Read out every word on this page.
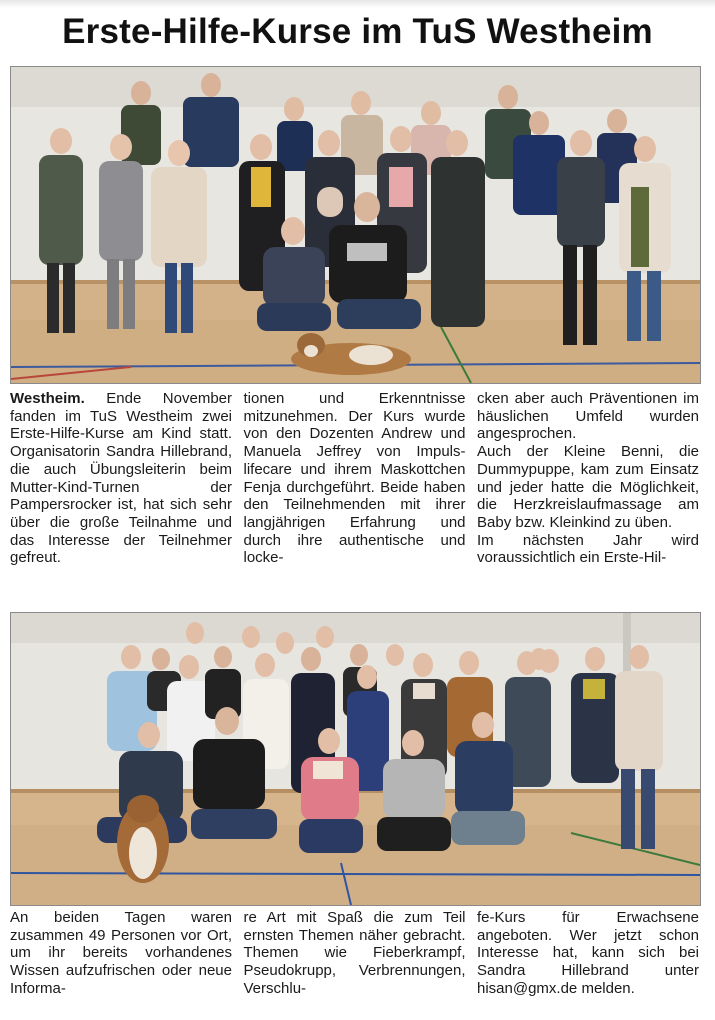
Erste-Hilfe-Kurse im TuS Westheim

Westheim. Ende November fanden im TuS Westheim zwei Erste-Hilfe-Kurse am Kind statt. Organisatorin Sandra Hillebrand, die auch Übungsleiterin beim Mutter-Kind-Turnen der Pampersrocker ist, hat sich sehr über die große Teilnahme und das Interesse der Teilnehmer gefreut.

tionen und Erkenntnisse mitzunehmen. Der Kurs wurde von den Dozenten Andrew und Manuela Jeffrey von Impuls-lifecare und ihrem Maskottchen Fenja durchgeführt. Beide haben den Teilnehmenden mit ihrer langjährigen Erfahrung und durch ihre authentische und locke-

cken aber auch Präventionen im häuslichen Umfeld wurden angesprochen.

Auch der Kleine Benni, die Dummypuppe, kam zum Einsatz und jeder hatte die Möglichkeit, die Herzkreislaufmassage am Baby bzw. Kleinkind zu üben.

Im nächsten Jahr wird voraussichtlich ein Erste-Hil-

An beiden Tagen waren zusammen 49 Personen vor Ort, um ihr bereits vorhandenes Wissen aufzufrischen oder neue Informa-

re Art mit Spaß die zum Teil ernsten Themen näher gebracht. Themen wie Fieberkrampf, Pseudokrupp, Verbrennungen, Verschlu-

fe-Kurs für Erwachsene angeboten. Wer jetzt schon Interesse hat, kann sich bei Sandra Hillebrand unter hisan@gmx.de melden.
